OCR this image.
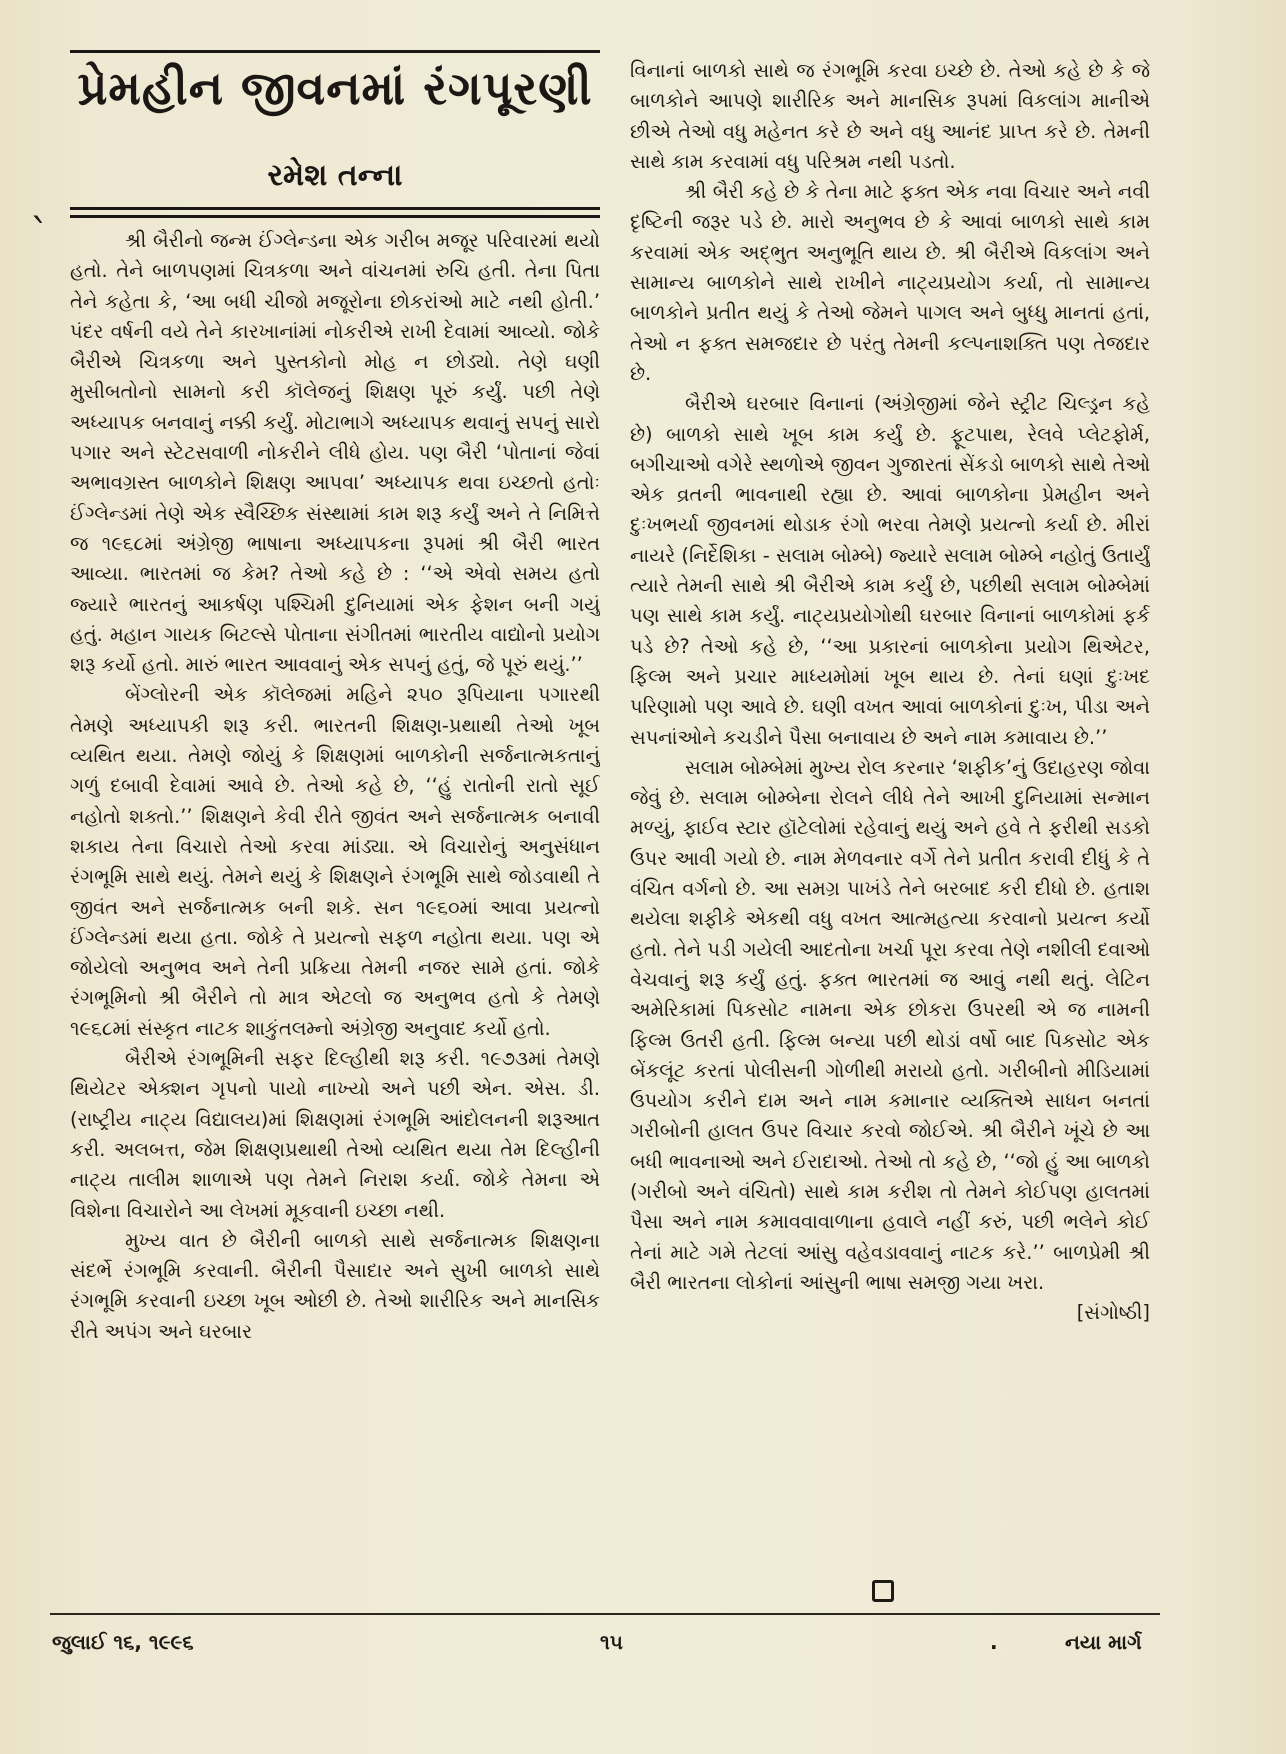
પ્રેમહીન જીવનમાં રંગપૂરણી
રમેશ તન્ના
ˋ	શ્રી બૈરીનો જન્મ ઈંગ્લેન્ડના એક ગરીબ મજૂર પરિવારમાં થયો હતો. તેને બાળપણમાં ચિત્રકળા અને વાંચનમાં રુચિ હતી. તેના પિતા તેને કહેતા કે, ‘આ બધી ચીજો મજૂરોના છોકરાંઓ માટે નથી હોતી.’ પંદર વર્ષની વયે તેને કારખાનાંમાં નોકરીએ રાખી દેવામાં આવ્યો. જોકે બૈરીએ ચિત્રકળા અને પુસ્તકોનો મોહ ન છોડ્યો. તેણે ઘણી મુસીબતોનો સામનો કરી કૉલેજનું શિક્ષણ પૂરું કર્યું. પછી તેણે અધ્યાપક બનવાનું નક્કી કર્યું. મોટાભાગે અધ્યાપક થવાનું સપનું સારો પગાર અને સ્ટેટસવાળી નોકરીને લીધે હોય. પણ બૈરી ‘પોતાનાં જેવાં અભાવગ્રસ્ત બાળકોને શિક્ષણ આપવા’ અધ્યાપક થવા ઇચ્છતો હતોઃ ઈંગ્લેન્ડમાં તેણે એક સ્વૈચ્છિક સંસ્થામાં કામ શરૂ કર્યું અને તે નિમિત્તે જ ૧૯૬૮માં અંગ્રેજી ભાષાના અધ્યાપકના રૂપમાં શ્રી બૈરી ભારત આવ્યા. ભારતમાં જ કેમ? તેઓ કહે છે : ‘‘એ એવો સમય હતો જ્યારે ભારતનું આકર્ષણ પશ્ચિમી દુનિયામાં એક ફેશન બની ગયું હતું. મહાન ગાયક બિટલ્સે પોતાના સંગીતમાં ભારતીય વાદ્યોનો પ્રયોગ શરૂ કર્યો હતો. મારું ભારત આવવાનું એક સપનું હતું, જે પૂરું થયું.’’

બેંગ્લોરની એક કૉલેજમાં મહિને ૨૫૦ રૂપિયાના પગારથી તેમણે અધ્યાપકી શરૂ કરી. ભારતની શિક્ષણ-પ્રથાથી તેઓ ખૂબ વ્યથિત થયા. તેમણે જોયું કે શિક્ષણમાં બાળકોની સર્જનાત્મકતાનું ગળું દબાવી દેવામાં આવે છે. તેઓ કહે છે, ‘‘હું રાતોની રાતો સૂઈ નહોતો શક્તો.’’ શિક્ષણને કેવી રીતે જીવંત અને સર્જનાત્મક બનાવી શકાય તેના વિચારો તેઓ કરવા માંડ્યા. એ વિચારોનું અનુસંધાન રંગભૂમિ સાથે થયું. તેમને થયું કે શિક્ષણને રંગભૂમિ સાથે જોડવાથી તે જીવંત અને સર્જનાત્મક બની શકે. સન ૧૯૬૦માં આવા પ્રયત્નો ઈંગ્લેન્ડમાં થયા હતા. જોકે તે પ્રયત્નો સફળ નહોતા થયા. પણ એ જોયેલો અનુભવ અને તેની પ્રક્રિયા તેમની નજર સામે હતાં. જોકે રંગભૂમિનો શ્રી બૈરીને તો માત્ર એટલો જ અનુભવ હતો કે તેમણે ૧૯૬૮માં સંસ્કૃત નાટક શાકુંતલમ્નો અંગ્રેજી અનુવાદ કર્યો હતો.

બૈરીએ રંગભૂમિની સફર દિલ્હીથી શરૂ કરી. ૧૯૭૩માં તેમણે થિયેટર એક્શન ગૃપનો પાયો નાખ્યો અને પછી એન. એસ. ડી. (રાષ્ટ્રીય નાટ્ય વિદ્યાલય)માં શિક્ષણમાં રંગભૂમિ આંદોલનની શરૂઆત કરી. અલબત્ત, જેમ શિક્ષણપ્રથાથી તેઓ વ્યથિત થયા તેમ દિલ્હીની નાટ્ય તાલીમ શાળાએ પણ તેમને નિરાશ કર્યા. જોકે તેમના એ વિશેના વિચારોને આ લેખમાં મૂકવાની ઇચ્છા નથી.

મુખ્ય વાત છે બૈરીની બાળકો સાથે સર્જનાત્મક શિક્ષણના સંદર્ભે રંગભૂમિ કરવાની. બૈરીની પૈસાદાર અને સુખી બાળકો સાથે રંગભૂમિ કરવાની ઇચ્છા ખૂબ ઓછી છે. તેઓ શારીરિક અને માનસિક રીતે અપંગ અને ઘરબાર

વિનાનાં બાળકો સાથે જ રંગભૂમિ કરવા ઇચ્છે છે. તેઓ કહે છે કે જે બાળકોને આપણે શારીરિક અને માનસિક રૂપમાં વિકલાંગ માનીએ છીએ તેઓ વધુ મહેનત કરે છે અને વધુ આનંદ પ્રાપ્ત કરે છે. તેમની સાથે કામ કરવામાં વધુ પરિશ્રમ નથી પડતો.

શ્રી બૈરી કહે છે કે તેના માટે ફક્ત એક નવા વિચાર અને નવી દૃષ્ટિની જરૂર પડે છે. મારો અનુભવ છે કે આવાં બાળકો સાથે કામ કરવામાં એક અદ્ભુત અનુભૂતિ થાય છે. શ્રી બૈરીએ વિકલાંગ અને સામાન્ય બાળકોને સાથે રાખીને નાટ્યપ્રયોગ કર્યા, તો સામાન્ય બાળકોને પ્રતીત થયું કે તેઓ જેમને પાગલ અને બુધ્ધુ માનતાં હતાં, તેઓ ન ફક્ત સમજદાર છે પરંતુ તેમની કલ્પનાશક્તિ પણ તેજદાર છે.

બૈરીએ ઘરબાર વિનાનાં (અંગ્રેજીમાં જેને સ્ટ્રીટ ચિલ્ડ્રન કહે છે) બાળકો સાથે ખૂબ કામ કર્યું છે. ફૂટપાથ, રેલવે પ્લેટફોર્મ, બગીચાઓ વગેરે સ્થળોએ જીવન ગુજારતાં સેંકડો બાળકો સાથે તેઓ એક વ્રતની ભાવનાથી રહ્યા છે. આવાં બાળકોના પ્રેમહીન અને દુઃખભર્યા જીવનમાં થોડાક રંગો ભરવા તેમણે પ્રયત્નો કર્યા છે. મીરાં નાયરે (નિર્દેશિકા - સલામ બોમ્બે) જ્યારે સલામ બોમ્બે નહોતું ઉતાર્યું ત્યારે તેમની સાથે શ્રી બૈરીએ કામ કર્યું છે, પછીથી સલામ બોમ્બેમાં પણ સાથે કામ કર્યું. નાટ્યપ્રયોગોથી ઘરબાર વિનાનાં બાળકોમાં ફર્ક પડે છે? તેઓ કહે છે, ‘‘આ પ્રકારનાં બાળકોના પ્રયોગ થિએટર, ફિલ્મ અને પ્રચાર માધ્યમોમાં ખૂબ થાય છે. તેનાં ઘણાં દુઃખદ પરિણામો પણ આવે છે. ઘણી વખત આવાં બાળકોનાં દુઃખ, પીડા અને સપનાંઓને કચડીને પૈસા બનાવાય છે અને નામ કમાવાય છે.’’

સલામ બોમ્બેમાં મુખ્ય રોલ કરનાર ‘શફીક’નું ઉદાહરણ જોવા જેવું છે. સલામ બોમ્બેના રોલને લીધે તેને આખી દુનિયામાં સન્માન મળ્યું, ફાઈવ સ્ટાર હૉટેલોમાં રહેવાનું થયું અને હવે તે ફરીથી સડકો ઉપર આવી ગયો છે. નામ મેળવનાર વર્ગે તેને પ્રતીત કરાવી દીધું કે તે વંચિત વર્ગનો છે. આ સમગ્ર પાખંડે તેને બરબાદ કરી દીધો છે. હતાશ થયેલા શફીકે એકથી વધુ વખત આત્મહત્યા કરવાનો પ્રયત્ન કર્યો હતો. તેને પડી ગયેલી આદતોના ખર્ચા પૂરા કરવા તેણે નશીલી દવાઓ વેચવાનું શરૂ કર્યું હતું. ફક્ત ભારતમાં જ આવું નથી થતું. લેટિન અમેરિકામાં પિકસોટ નામના એક છોકરા ઉપરથી એ જ નામની ફિલ્મ ઉતરી હતી. ફિલ્મ બન્યા પછી થોડાં વર્ષો બાદ પિકસોટ એક બેંકલૂંટ કરતાં પોલીસની ગોળીથી મરાયો હતો. ગરીબીનો મીડિયામાં ઉપયોગ કરીને દામ અને નામ કમાનાર વ્યક્તિએ સાધન બનતાં ગરીબોની હાલત ઉપર વિચાર કરવો જોઈએ. શ્રી બૈરીને ખૂંચે છે આ બધી ભાવનાઓ અને ઈરાદાઓ. તેઓ તો કહે છે, ‘‘જો હું આ બાળકો (ગરીબો અને વંચિતો) સાથે કામ કરીશ તો તેમને કોઈપણ હાલતમાં પૈસા અને નામ કમાવવાવાળાના હવાલે નહીં કરું, પછી ભલેને કોઈ તેનાં માટે ગમે તેટલાં આંસુ વહેવડાવવાનું નાટક કરે.’’ બાળપ્રેમી શ્રી બૈરી ભારતના લોકોનાં આંસુની ભાષા સમજી ગયા ખરા.

[સંગોષ્ઠી]
જુલાઈ ૧૬, ૧૯૯૬	૧૫	.	નયા માર્ગ
